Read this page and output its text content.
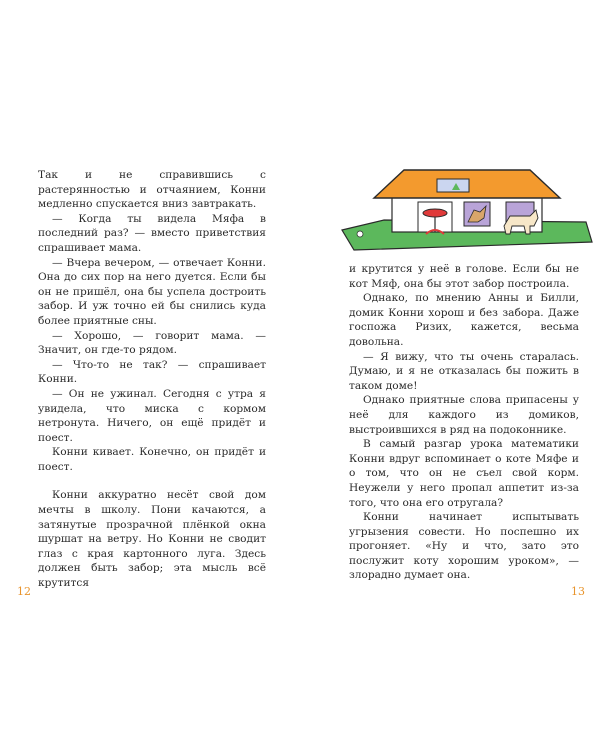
Так и не справившись с растерянностью и отчаянием, Конни медленно спускается вниз завтракать.

— Когда ты видела Мяфа в последний раз? — вместо приветствия спрашивает мама.

— Вчера вечером, — отвечает Конни. Она до сих пор на него дуется. Если бы он не пришёл, она бы успела достроить забор. И уж точно ей бы снились куда более приятные сны.

— Хорошо, — говорит мама. — Значит, он где-то рядом.

— Что-то не так? — спрашивает Конни.

— Он не ужинал. Сегодня с утра я увидела, что миска с кормом нетронута. Ничего, он ещё придёт и поест.

Конни кивает. Конечно, он придёт и поест.

Конни аккуратно несёт свой дом мечты в школу. Пони качаются, а затянутые прозрачной плёнкой окна шуршат на ветру. Но Конни не сводит глаз с края картонного луга. Здесь должен быть забор; эта мысль всё крутится

12

и крутится у неё в голове. Если бы не кот Мяф, она бы этот забор построила.

Однако, по мнению Анны и Билли, домик Конни хорош и без забора. Даже госпожа Ризих, кажется, весьма довольна.

— Я вижу, что ты очень старалась. Думаю, и я не отказалась бы пожить в таком доме!

Однако приятные слова припасены у неё для каждого из домиков, выстроившихся в ряд на подоконнике.

В самый разгар урока математики Конни вдруг вспоминает о коте Мяфе и о том, что он не съел свой корм. Неужели у него пропал аппетит из-за того, что она его отругала?

Конни начинает испытывать угрызения совести. Но поспешно их прогоняет. «Ну и что, зато это послужит коту хорошим уроком», — злорадно думает она.

13
